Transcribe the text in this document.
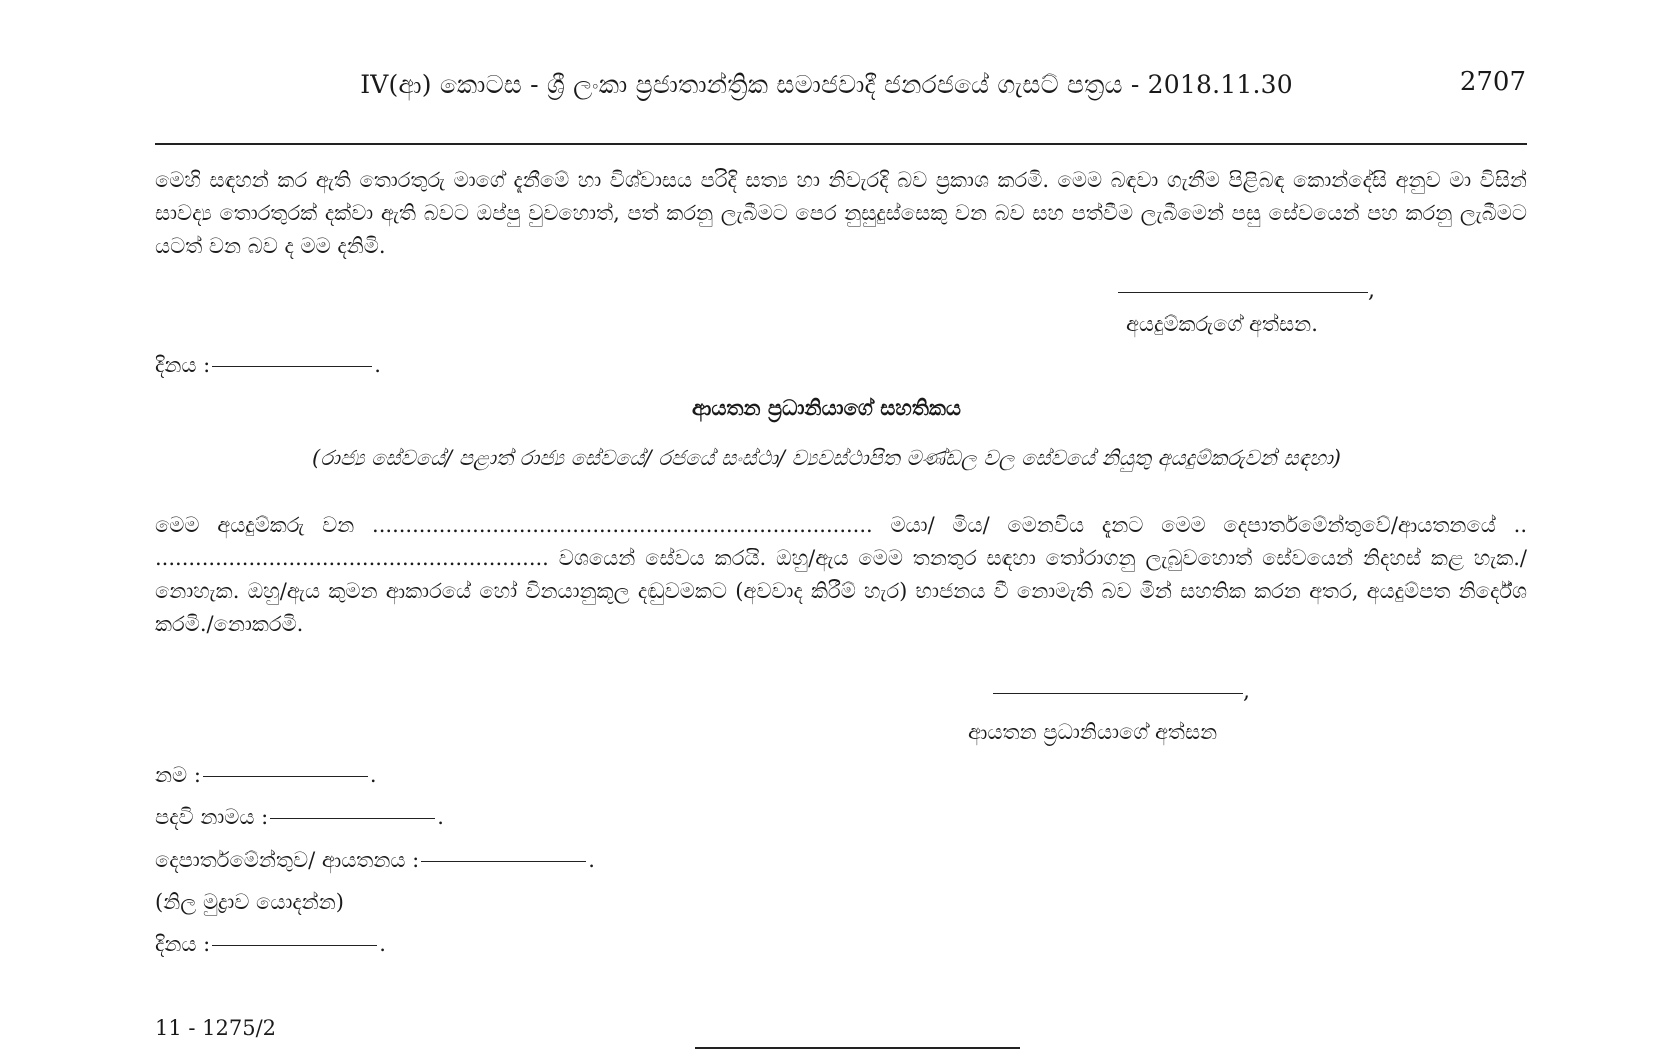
IV(ආ) කොටස - ශ්‍රී ලංකා ප්‍රජාතාන්ත්‍රික සමාජවාදී ජනරජයේ ගැසට් පත්‍රය - 2018.11.30	2707
මෙහි සඳහන් කර ඇති තොරතුරු මාගේ දැනීමේ හා විශ්වාසය පරිදි සත්‍ය හා නිවැරදි බව ප්‍රකාශ කරමි. මෙම බඳවා ගැනීම පිළිබඳ කොන්දේසි අනුව මා විසින් සාවද්‍ය තොරතුරක් දක්වා ඇති බවට ඔප්පු වුවහොත්, පත් කරනු ලැබීමට පෙර නුසුදුස්සෙකු වන බව සහ පත්වීම ලැබීමෙන් පසු සේවයෙන් පහ කරනු ලැබීමට යටත් වන බව ද මම දනිමි.
,
අයදුම්කරුගේ අත්සන.
දිනය :	.
ආයතන ප්‍රධානියාගේ සහතිකය
(රාජ්‍ය සේවයේ/ පළාත් රාජ්‍ය සේවයේ/ රජයේ සංස්ථා/ ව්‍යවස්ථාපිත මණ්ඩල වල සේවයේ නියුතු අයදුම්කරුවන් සඳහා)
මෙම අයදුම්කරු වන ........................................................................... මයා/ මිය/ මෙනවිය දැනට මෙම දෙපාර්තමේන්තුවේ/ආයතනයේ .. ........................................................... වශයෙන් සේවය කරයි. ඔහු/ඇය මෙම තනතුර සඳහා තෝරාගනු ලැබුවහොත් සේවයෙන් නිදහස් කළ හැක./ නොහැක. ඔහු/ඇය කුමන ආකාරයේ හෝ විනයානුකූල දඬුවමකට (අවවාද කිරීම් හැර) භාජනය වී නොමැති බව මින් සහතික කරන අතර, අයදුම්පත නිර්දේශ කරමි./නොකරමි.
,
ආයතන ප්‍රධානියාගේ අත්සන
නම :	.
පදවි නාමය :	.
දෙපාර්තමේන්තුව/ ආයතනය :	.
(නිල මුද්‍රාව යොදන්න)
දිනය :	.
11 - 1275/2
